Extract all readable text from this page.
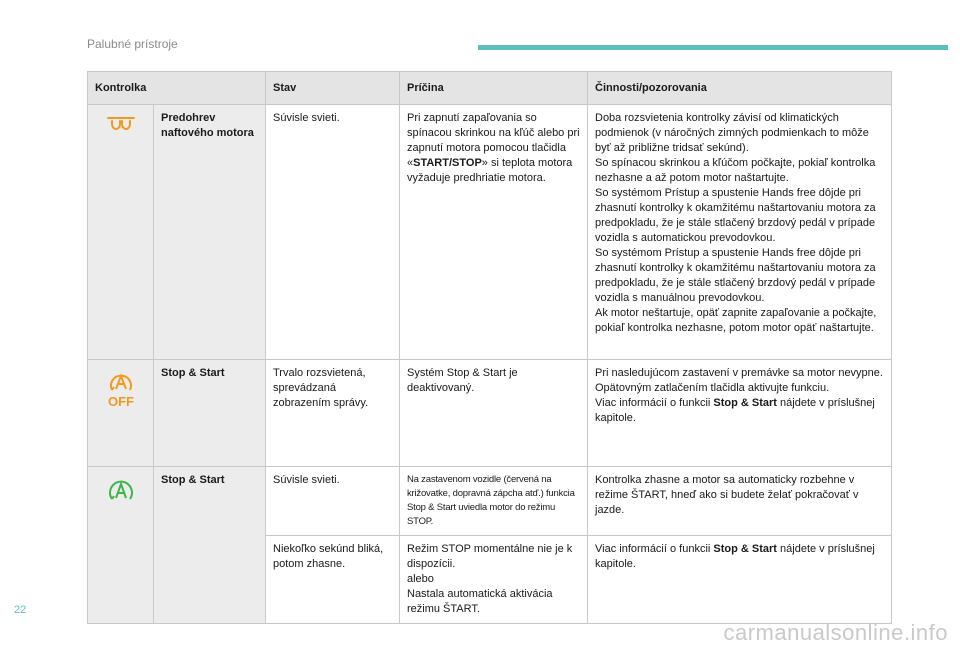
Palubné prístroje
Kontrolka		Stav	Príčina	Činnosti/pozorovania

	Predohrev naftového motora	Súvisle svieti.	Pri zapnutí zapaľovania so spínacou skrinkou na kľúč alebo pri zapnutí motora pomocou tlačidla «START/STOP» si teplota motora vyžaduje predhriatie motora.	Doba rozsvietenia kontrolky závisí od klimatických podmienok (v náročných zimných podmienkach to môže byť až približne tridsať sekúnd).
So spínacou skrinkou a kľúčom počkajte, pokiaľ kontrolka nezhasne a až potom motor naštartujte.
So systémom Prístup a spustenie Hands free dôjde pri zhasnutí kontrolky k okamžitému naštartovaniu motora za predpokladu, že je stále stlačený brzdový pedál v prípade vozidla s automatickou prevodovkou.
So systémom Prístup a spustenie Hands free dôjde pri zhasnutí kontrolky k okamžitému naštartovaniu motora za predpokladu, že je stále stlačený brzdový pedál v prípade vozidla s manuálnou prevodovkou.
Ak motor neštartuje, opäť zapnite zapaľovanie a počkajte, pokiaľ kontrolka nezhasne, potom motor opäť naštartujte.

OFF	Stop & Start	Trvalo rozsvietená, sprevádzaná zobrazením správy.	Systém Stop & Start je deaktivovaný.	Pri nasledujúcom zastavení v premávke sa motor nevypne.
Opätovným zatlačením tlačidla aktivujte funkciu.
Viac informácií o funkcii Stop & Start nájdete v príslušnej kapitole.

	Stop & Start	Súvisle svieti.	Na zastavenom vozidle (červená na križovatke, dopravná zápcha atď.) funkcia Stop & Start uviedla motor do režimu STOP.	Kontrolka zhasne a motor sa automaticky rozbehne v režime ŠTART, hneď ako si budete želať pokračovať v jazde.
		Niekoľko sekúnd bliká, potom zhasne.	Režim STOP momentálne nie je k dispozícii.
alebo
Nastala automatická aktivácia režimu ŠTART.	Viac informácií o funkcii Stop & Start nájdete v príslušnej kapitole.
22
carmanualsonline.info
